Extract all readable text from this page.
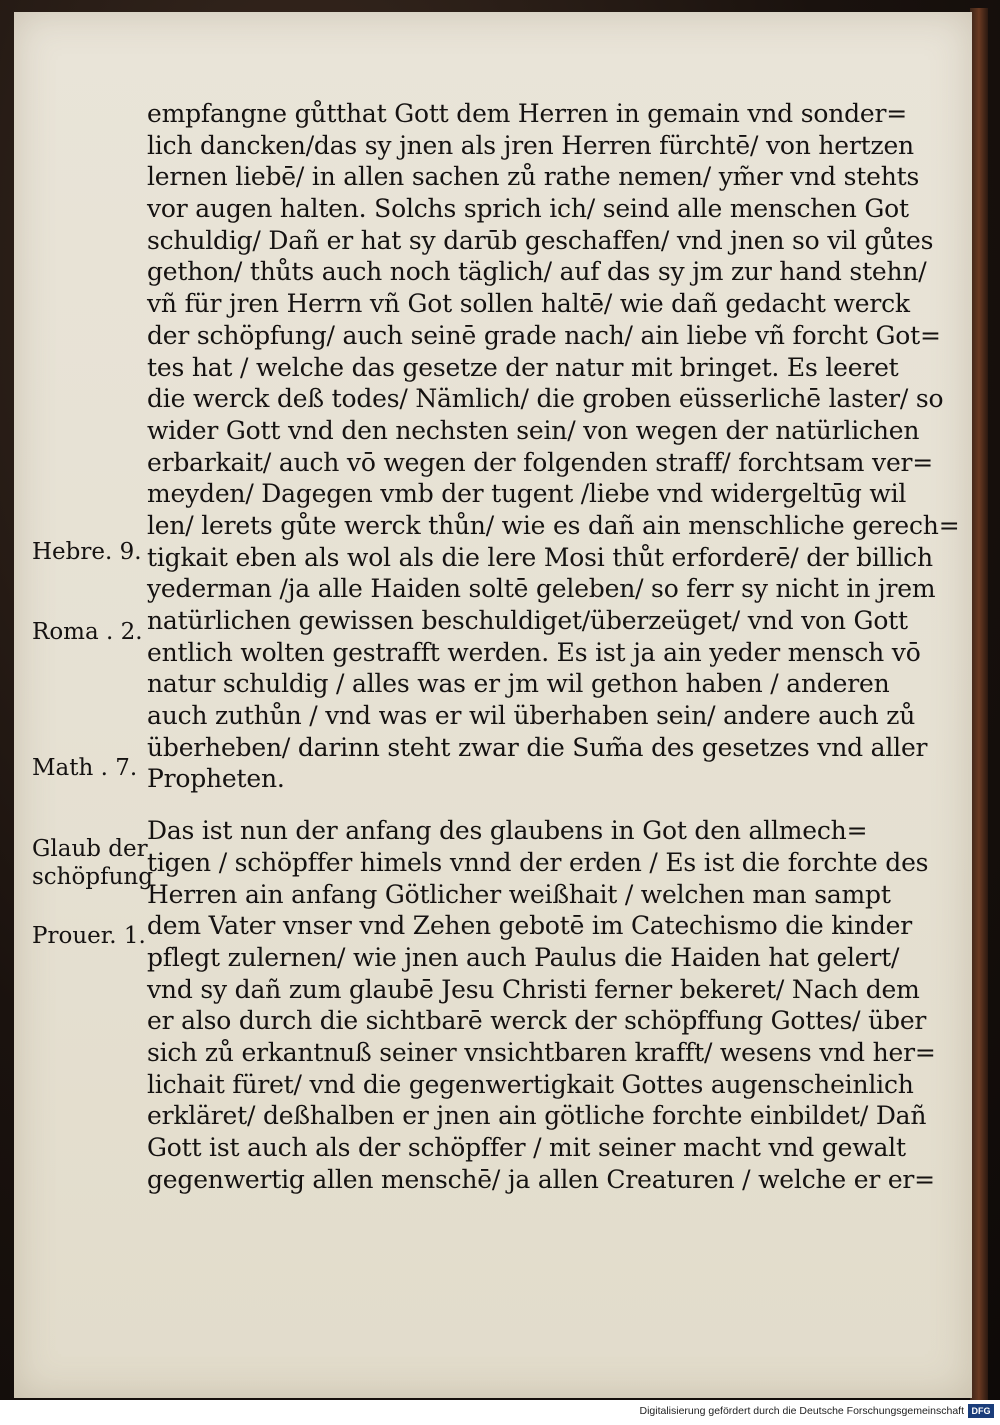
empfangne gůtthat Gott dem Herren in gemain vnd sonder=
lich dancken/das sy jnen als jren Herren fürchtē/ von hertzen
lernen liebē/ in allen sachen zů rathe nemen/ ym̃er vnd stehts
vor augen halten. Solchs sprich ich/ seind alle menschen Got
schuldig/ Dañ er hat sy darūb geschaffen/ vnd jnen so vil gůtes
gethon/ thůts auch noch täglich/ auf das sy jm zur hand stehn/
vñ für jren Herrn vñ Got sollen haltē/ wie dañ gedacht werck
der schöpfung/ auch seinē grade nach/ ain liebe vñ forcht Got=
tes hat / welche das gesetze der natur mit bringet. Es leeret
die werck deß todes/ Nämlich/ die groben eüsserlichē laster/ so
wider Gott vnd den nechsten sein/ von wegen der natürlichen
erbarkait/ auch vō wegen der folgenden straff/ forchtsam ver=
meyden/ Dagegen vmb der tugent /liebe vnd widergeltūg wil
len/ lerets gůte werck thůn/ wie es dañ ain menschliche gerech=
tigkait eben als wol als die lere Mosi thůt erforderē/ der billich
yederman /ja alle Haiden soltē geleben/ so ferr sy nicht in jrem
natürlichen gewissen beschuldiget/überzeüget/ vnd von Gott
entlich wolten gestrafft werden. Es ist ja ain yeder mensch vō
natur schuldig / alles was er jm wil gethon haben / anderen
auch zuthůn / vnd was er wil überhaben sein/ andere auch zů
überheben/ darinn steht zwar die Sum̃a des gesetzes vnd aller
Propheten.
Das ist nun der anfang des glaubens in Got den allmech=
tigen / schöpffer himels vnnd der erden / Es ist die forchte des
Herren ain anfang Götlicher weißhait / welchen man sampt
dem Vater vnser vnd Zehen gebotē im Catechismo die kinder
pflegt zulernen/ wie jnen auch Paulus die Haiden hat gelert/
vnd sy dañ zum glaubē Jesu Christi ferner bekeret/ Nach dem
er also durch die sichtbarē werck der schöpffung Gottes/ über
sich zů erkantnuß seiner vnsichtbaren krafft/ wesens vnd her=
lichait füret/ vnd die gegenwertigkait Gottes augenscheinlich
erkläret/ deßhalben er jnen ain götliche forchte einbildet/ Dañ
Gott ist auch als der schöpffer / mit seiner macht vnd gewalt
gegenwertig allen menschē/ ja allen Creaturen / welche er er=
Hebre. 9.
Roma . 2.
Math . 7.
Glaub der
schöpfung
Prouer. 1.
Digitalisierung gefördert durch die Deutsche Forschungsgemeinschaft DFG
